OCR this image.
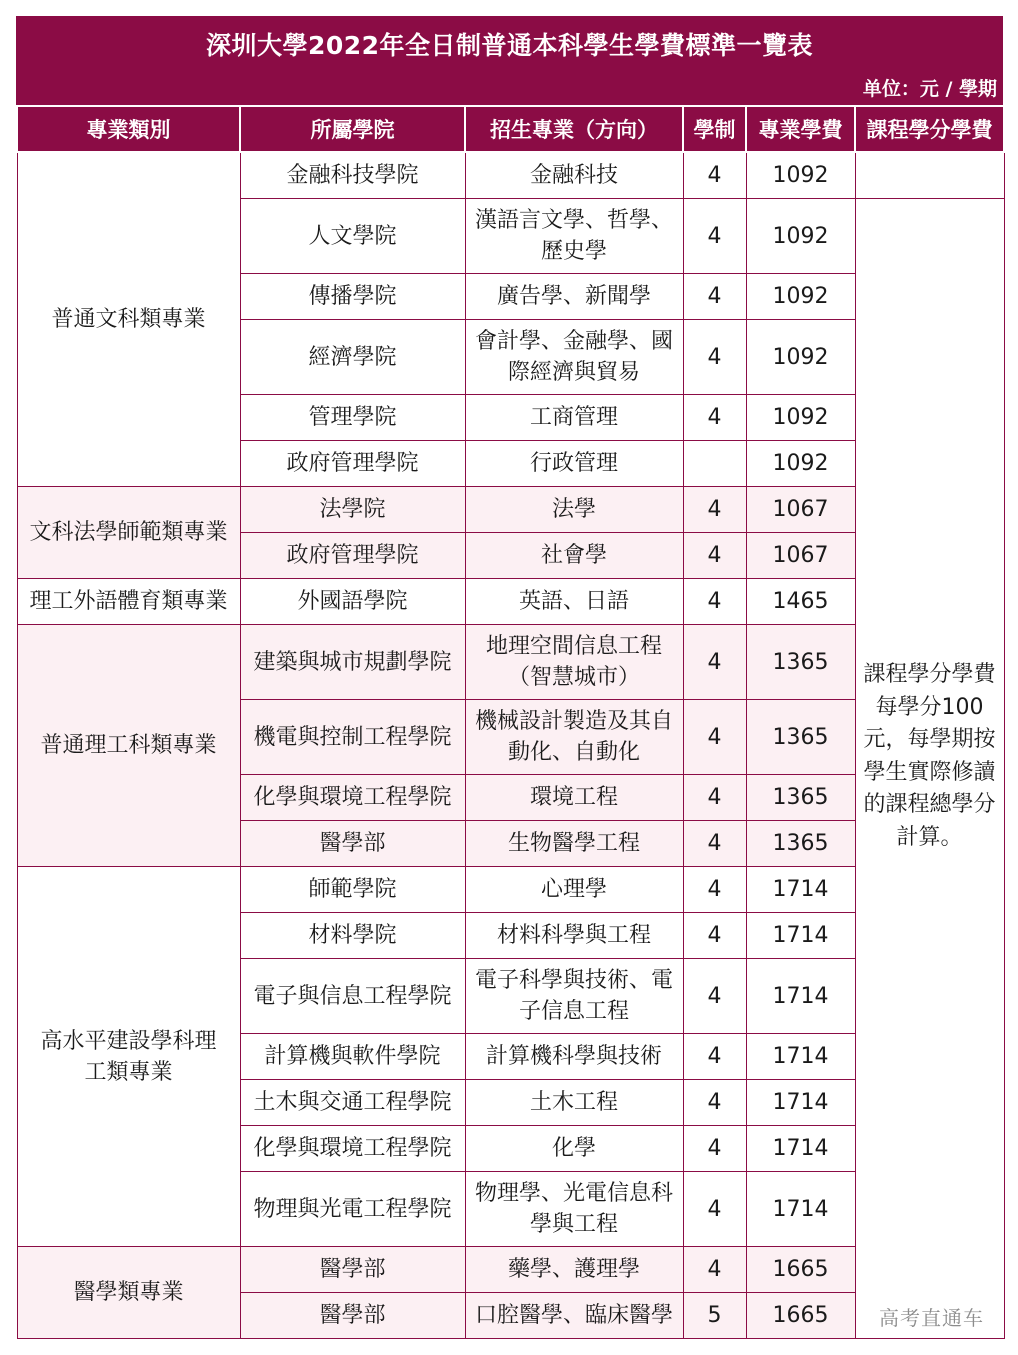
深圳大學2022年全日制普通本科學生學費標準一覽表
单位：元 / 學期
專業類別	所屬學院	招生專業（方向）	學制	專業學費	課程學分學費
普通文科類專業	金融科技學院	金融科技	4	1092	
	人文學院	漢語言文學、哲學、歷史學	4	1092	課程學分學費每學分100元，每學期按學生實際修讀的課程總學分計算。

	傳播學院	廣告學、新聞學	4	1092	
	經濟學院	會計學、金融學、國際經濟與貿易	4	1092	
	管理學院	工商管理	4	1092	
	政府管理學院	行政管理		1092	
文科法學師範類專業	法學院	法學	4	1067	
	政府管理學院	社會學	4	1067	
理工外語體育類專業	外國語學院	英語、日語	4	1465	
普通理工科類專業	建築與城市規劃學院	地理空間信息工程（智慧城市）	4	1365	
	機電與控制工程學院	機械設計製造及其自動化、自動化	4	1365	
	化學與環境工程學院	環境工程	4	1365	
	醫學部	生物醫學工程	4	1365	
高水平建設學科理工類專業	師範學院	心理學	4	1714	
	材料學院	材料科學與工程	4	1714	
	電子與信息工程學院	電子科學與技術、電子信息工程	4	1714	
	計算機與軟件學院	計算機科學與技術	4	1714	
	土木與交通工程學院	土木工程	4	1714	
	化學與環境工程學院	化學	4	1714	
	物理與光電工程學院	物理學、光電信息科學與工程	4	1714	
醫學類專業	醫學部	藥學、護理學	4	1665	
	醫學部	口腔醫學、臨床醫學	5	1665		高考直通车
